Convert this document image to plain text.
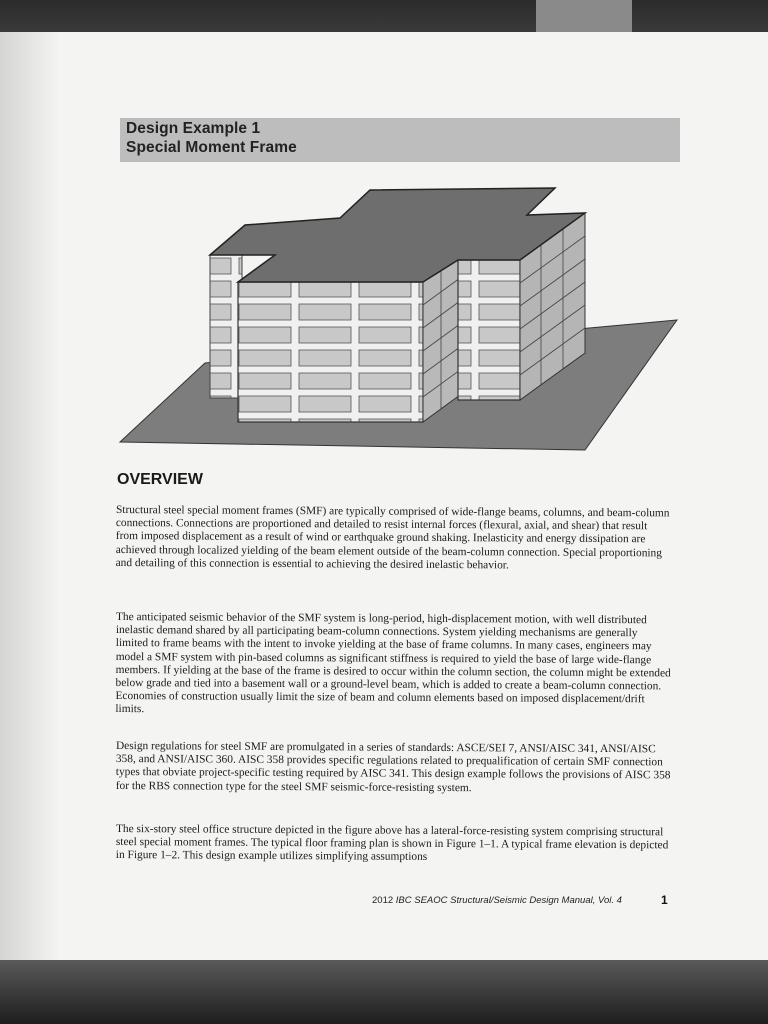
Design Example 1
Special Moment Frame
OVERVIEW

Structural steel special moment frames (SMF) are typically comprised of wide-flange beams, columns, and beam-column connections. Connections are proportioned and detailed to resist internal forces (flexural, axial, and shear) that result from imposed displacement as a result of wind or earthquake ground shaking. Inelasticity and energy dissipation are achieved through localized yielding of the beam element outside of the beam-column connection. Special proportioning and detailing of this connection is essential to achieving the desired inelastic behavior.

The anticipated seismic behavior of the SMF system is long-period, high-displacement motion, with well distributed inelastic demand shared by all participating beam-column connections. System yielding mechanisms are generally limited to frame beams with the intent to invoke yielding at the base of frame columns. In many cases, engineers may model a SMF system with pin-based columns as significant stiffness is required to yield the base of large wide-flange members. If yielding at the base of the frame is desired to occur within the column section, the column might be extended below grade and tied into a basement wall or a ground-level beam, which is added to create a beam-column connection. Economies of construction usually limit the size of beam and column elements based on imposed displacement/drift limits.

Design regulations for steel SMF are promulgated in a series of standards: ASCE/SEI 7, ANSI/AISC 341, ANSI/AISC 358, and ANSI/AISC 360. AISC 358 provides specific regulations related to prequalification of certain SMF connection types that obviate project-specific testing required by AISC 341. This design example follows the provisions of AISC 358 for the RBS connection type for the steel SMF seismic-force-resisting system.

The six-story steel office structure depicted in the figure above has a lateral-force-resisting system comprising structural steel special moment frames. The typical floor framing plan is shown in Figure 1–1. A typical frame elevation is depicted in Figure 1–2. This design example utilizes simplifying assumptions

2012 IBC SEAOC Structural/Seismic Design Manual, Vol. 4	1
